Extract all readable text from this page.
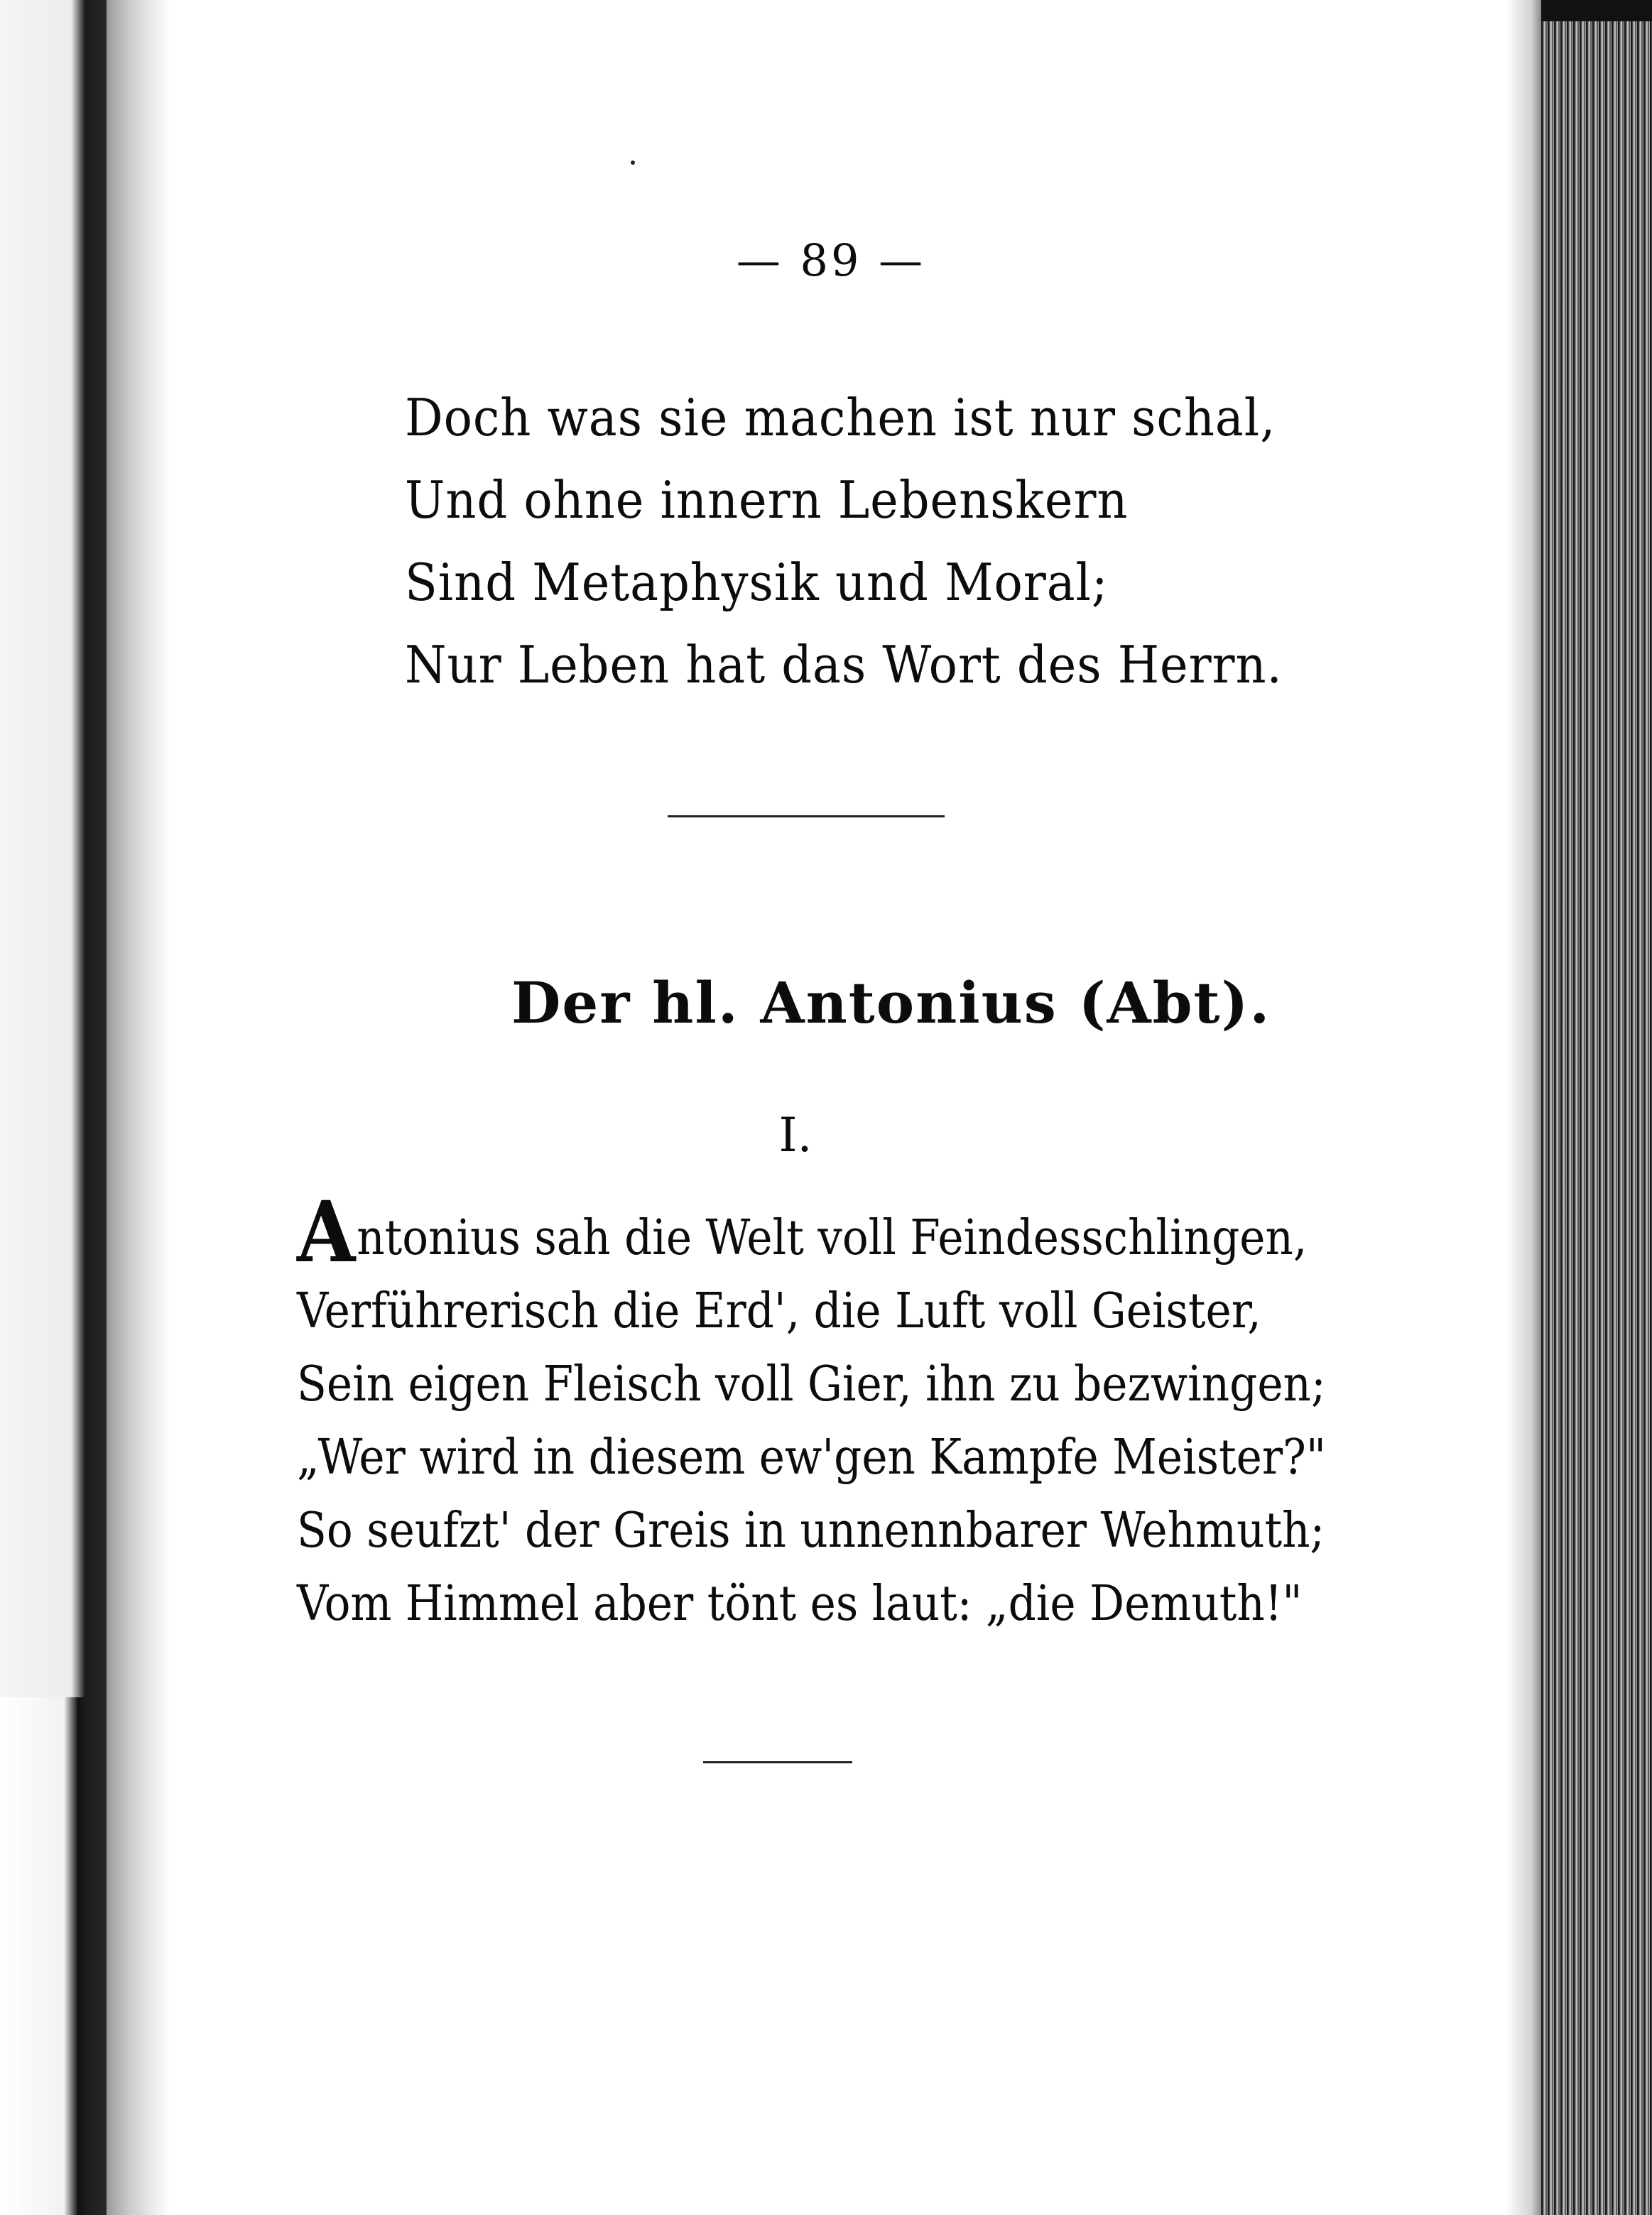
— 89 —
Doch was sie machen ist nur schal,
Und ohne innern Lebenskern
Sind Metaphysik und Moral;
Nur Leben hat das Wort des Herrn.
Der hl. Antonius (Abt).
I.
Antonius sah die Welt voll Feindesschlingen,
Verführerisch die Erd', die Luft voll Geister,
Sein eigen Fleisch voll Gier, ihn zu bezwingen;
„Wer wird in diesem ew'gen Kampfe Meister?"
So seufzt' der Greis in unnennbarer Wehmuth;
Vom Himmel aber tönt es laut: „die Demuth!"
